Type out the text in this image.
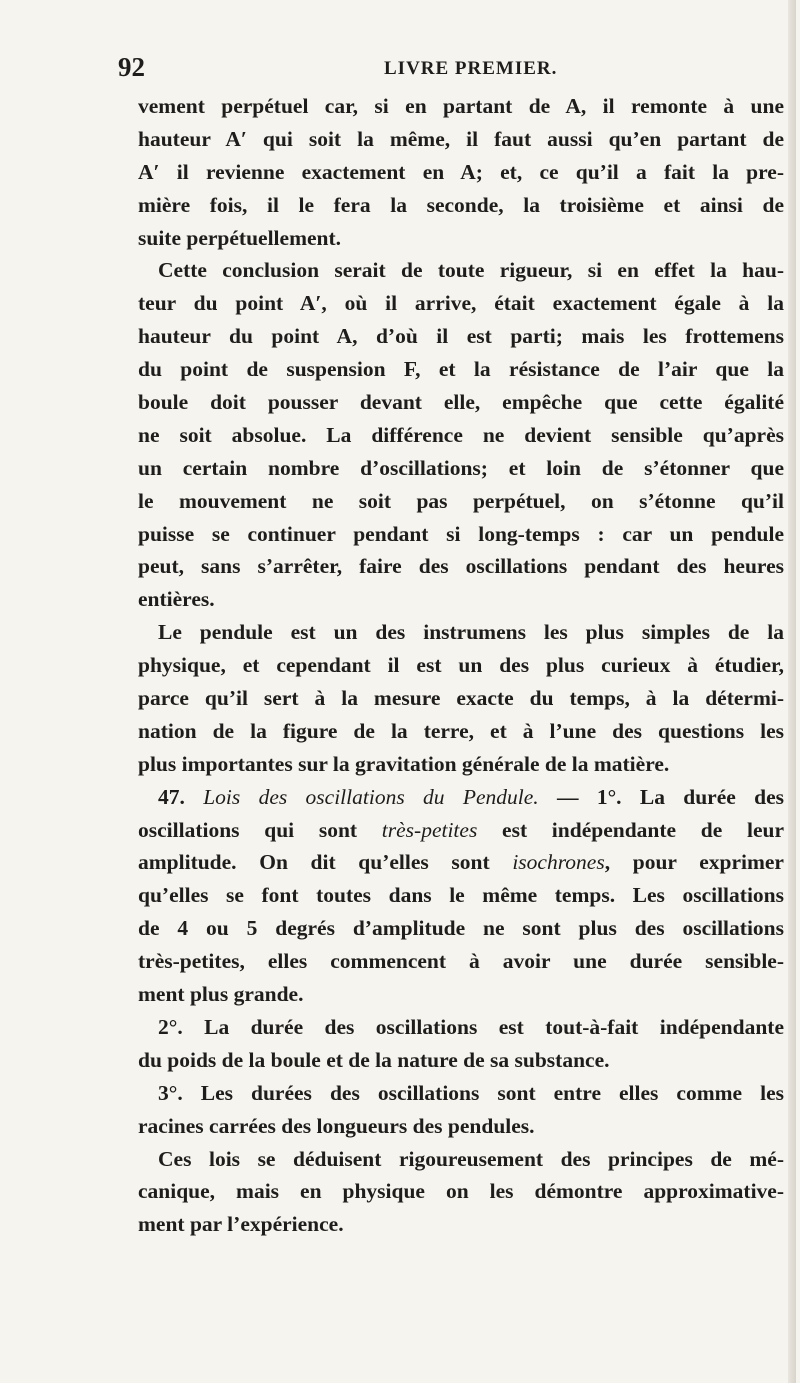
92	LIVRE PREMIER.
vement perpétuel car, si en partant de A, il remonte à une
hauteur A′ qui soit la même, il faut aussi qu’en partant de
A′ il revienne exactement en A; et, ce qu’il a fait la pre-
mière fois, il le fera la seconde, la troisième et ainsi de
suite perpétuellement.
Cette conclusion serait de toute rigueur, si en effet la hau-
teur du point A′, où il arrive, était exactement égale à la
hauteur du point A, d’où il est parti; mais les frottemens
du point de suspension F, et la résistance de l’air que la
boule doit pousser devant elle, empêche que cette égalité
ne soit absolue. La différence ne devient sensible qu’après
un certain nombre d’oscillations; et loin de s’étonner que
le mouvement ne soit pas perpétuel, on s’étonne qu’il
puisse se continuer pendant si long-temps : car un pendule
peut, sans s’arrêter, faire des oscillations pendant des heures
entières.
Le pendule est un des instrumens les plus simples de la
physique, et cependant il est un des plus curieux à étudier,
parce qu’il sert à la mesure exacte du temps, à la détermi-
nation de la figure de la terre, et à l’une des questions les
plus importantes sur la gravitation générale de la matière.
47. Lois des oscillations du Pendule. — 1°. La durée des
oscillations qui sont très-petites est indépendante de leur
amplitude. On dit qu’elles sont isochrones, pour exprimer
qu’elles se font toutes dans le même temps. Les oscillations
de 4 ou 5 degrés d’amplitude ne sont plus des oscillations
très-petites, elles commencent à avoir une durée sensible-
ment plus grande.
2°. La durée des oscillations est tout-à-fait indépendante
du poids de la boule et de la nature de sa substance.
3°. Les durées des oscillations sont entre elles comme les
racines carrées des longueurs des pendules.
Ces lois se déduisent rigoureusement des principes de mé-
canique, mais en physique on les démontre approximative-
ment par l’expérience.
